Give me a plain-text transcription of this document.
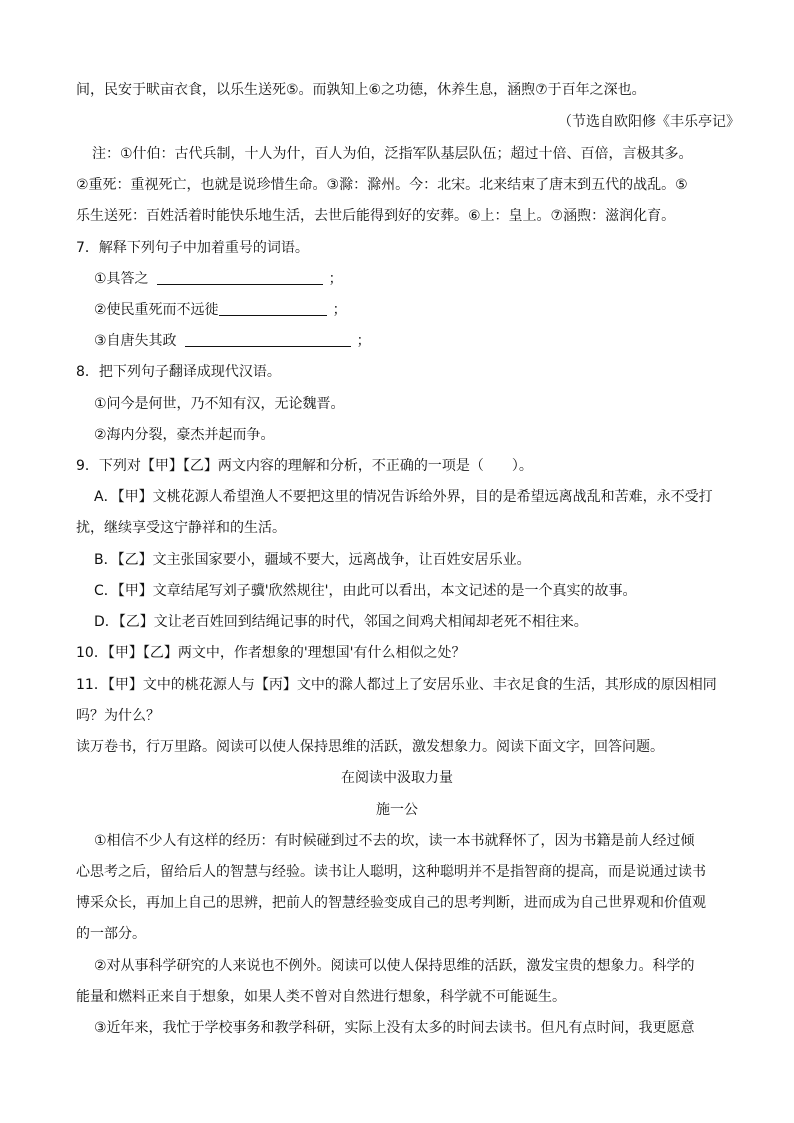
间，民安于畎亩衣食，以乐生送死⑤。而孰知上⑥之功德，休养生息，涵煦⑦于百年之深也。
（节选自欧阳修《丰乐亭记》
注：①什伯：古代兵制，十人为什，百人为伯，泛指军队基层队伍；超过十倍、百倍，言极其多。
②重死：重视死亡，也就是说珍惜生命。③滁：滁州。今：北宋。北来结束了唐末到五代的战乱。⑤
乐生送死：百姓活着时能快乐地生活，去世后能得到好的安葬。⑥上：皇上。⑦涵煦：滋润化育。
7．解释下列句子中加着重号的词语。
①具答之	；
②使民重死而不远徙	；
③自唐失其政	；
8．把下列句子翻译成现代汉语。
①问今是何世，乃不知有汉，无论魏晋。
②海内分裂，豪杰并起而争。
9．下列对【甲】【乙】两文内容的理解和分析，不正确的一项是（　　）。
A．【甲】文桃花源人希望渔人不要把这里的情况告诉给外界，目的是希望远离战乱和苦难，永不受打
扰，继续享受这宁静祥和的生活。
B．【乙】文主张国家要小，疆域不要大，远离战争，让百姓安居乐业。
C．【甲】文章结尾写刘子骥'欣然规往'，由此可以看出，本文记述的是一个真实的故事。
D．【乙】文让老百姓回到结绳记事的时代，邻国之间鸡犬相闻却老死不相往来。
10．【甲】【乙】两文中，作者想象的'理想国'有什么相似之处？
11．【甲】文中的桃花源人与【丙】文中的滁人都过上了安居乐业、丰衣足食的生活，其形成的原因相同
吗？为什么？
读万卷书，行万里路。阅读可以使人保持思维的活跃，激发想象力。阅读下面文字，回答问题。
在阅读中汲取力量
施一公
①相信不少人有这样的经历：有时候碰到过不去的坎，读一本书就释怀了，因为书籍是前人经过倾
心思考之后，留给后人的智慧与经验。读书让人聪明，这种聪明并不是指智商的提高，而是说通过读书
博采众长，再加上自己的思辨，把前人的智慧经验变成自己的思考判断，进而成为自己世界观和价值观
的一部分。
②对从事科学研究的人来说也不例外。阅读可以使人保持思维的活跃，激发宝贵的想象力。科学的
能量和燃料正来自于想象，如果人类不曾对自然进行想象，科学就不可能诞生。
③近年来，我忙于学校事务和教学科研，实际上没有太多的时间去读书。但凡有点时间，我更愿意
